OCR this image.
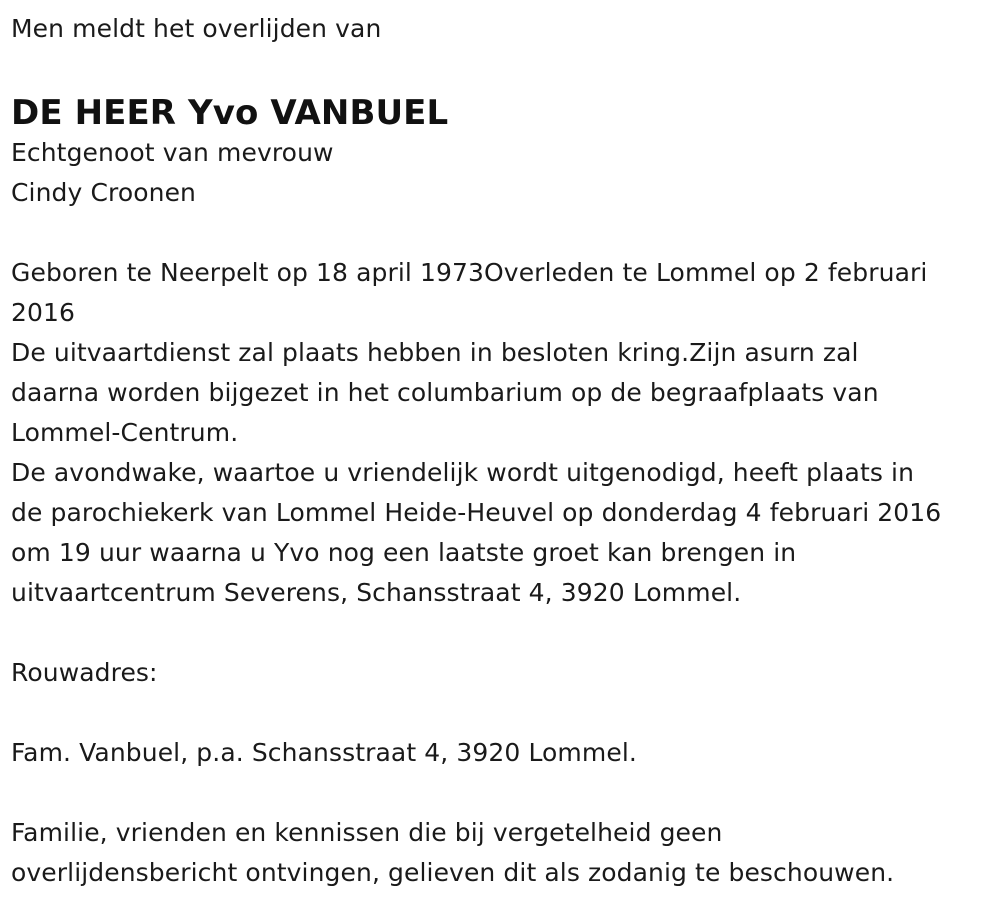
Men meldt het overlijden van

DE HEER Yvo VANBUEL

Echtgenoot van mevrouw

Cindy Croonen

Geboren te Neerpelt op 18 april 1973Overleden te Lommel op 2 februari

2016

De uitvaartdienst zal plaats hebben in besloten kring.Zijn asurn zal

daarna worden bijgezet in het columbarium op de begraafplaats van

Lommel-Centrum.

De avondwake, waartoe u vriendelijk wordt uitgenodigd, heeft plaats in

de parochiekerk van Lommel Heide-Heuvel op donderdag 4 februari 2016

om 19 uur waarna u Yvo nog een laatste groet kan brengen in

uitvaartcentrum Severens, Schansstraat 4, 3920 Lommel.

Rouwadres:

Fam. Vanbuel, p.a. Schansstraat 4, 3920 Lommel.

Familie, vrienden en kennissen die bij vergetelheid geen

overlijdensbericht ontvingen, gelieven dit als zodanig te beschouwen.
